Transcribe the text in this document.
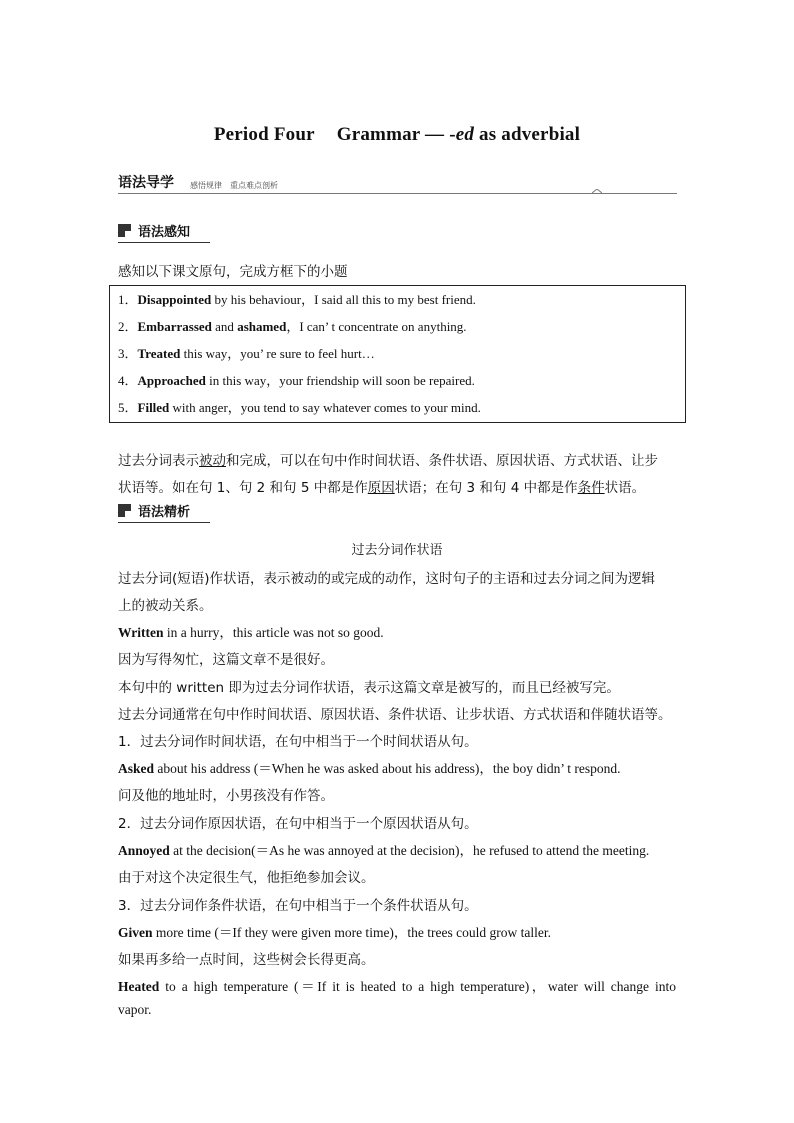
Period Four Grammar — -ed as adverbial
语法导学 感悟规律　重点难点剖析
语法感知
感知以下课文原句，完成方框下的小题
1．Disappointed by his behaviour，I said all this to my best friend.
2．Embarrassed and ashamed，I can’ t concentrate on anything.
3．Treated this way，you’ re sure to feel hurt…
4．Approached in this way，your friendship will soon be repaired.
5．Filled with anger，you tend to say whatever comes to your mind.
过去分词表示被动和完成，可以在句中作时间状语、条件状语、原因状语、方式状语、让步
状语等。如在句 1、句 2 和句 5 中都是作原因状语；在句 3 和句 4 中都是作条件状语。
语法精析
过去分词作状语
过去分词(短语)作状语，表示被动的或完成的动作，这时句子的主语和过去分词之间为逻辑
上的被动关系。
Written in a hurry，this article was not so good.
因为写得匆忙，这篇文章不是很好。
本句中的 written 即为过去分词作状语，表示这篇文章是被写的，而且已经被写完。
过去分词通常在句中作时间状语、原因状语、条件状语、让步状语、方式状语和伴随状语等。
1．过去分词作时间状语，在句中相当于一个时间状语从句。
Asked about his address (＝When he was asked about his address)，the boy didn’ t respond.
问及他的地址时，小男孩没有作答。
2．过去分词作原因状语，在句中相当于一个原因状语从句。
Annoyed at the decision(＝As he was annoyed at the decision)，he refused to attend the meeting.
由于对这个决定很生气，他拒绝参加会议。
3．过去分词作条件状语，在句中相当于一个条件状语从句。
Given more time (＝If they were given more time)，the trees could grow taller.
如果再多给一点时间，这些树会长得更高。
Heated to a high temperature (＝If it is heated to a high temperature)，water will change into
vapor.
